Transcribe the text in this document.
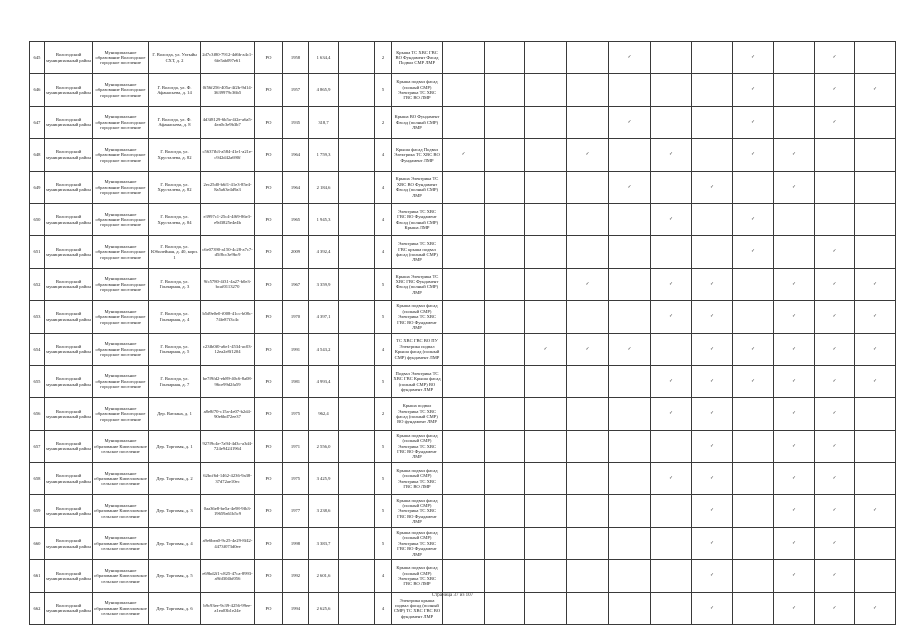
645	Вологодский муниципальный район	Муниципальное образование Вологодское городское поселение	Г. Вологда, ул. Ухтыйн СХТ, д. 2	2d7c3f80-7912-4d6b-a4c1-6fe5ab097e61	РО	1958	1 634,4		2	Крыша ТС ХВС ГВС ВО Фундамент Фасад Подвал СМР ЛМР					✓			✓		✓	
646	Вологодский муниципальный район	Муниципальное образование Вологодское городское поселение	Г. Вологда, ул. Ф. Афанасьева, д. 14	0f56f256-405a-4f2b-9d14-3639979c36b5	РО	1957	4 865,9		5	Крыша подвал фасад (полный СМР) Электрика ТС ХВС ГВС ВО ЛМР								✓		✓	✓
647	Вологодский муниципальный район	Муниципальное образование Вологодское городское поселение	Г. Вологда, ул. Ф. Афанасьева, д. 8	4d3f8129-6b5a-4f2e-a6a5-4ea0c3e9b3b7	РО	1935	318,7		2	Крыша ВО Фундамент Фасад (полный СМР) ЛМР					✓			✓		✓	
648	Вологодский муниципальный район	Муниципальное образование Вологодское городское поселение	Г. Вологда, ул. Хрусталева, д. 82	c5637fb3-a584-41e1-a21e-c942d42a690f	РО	1964	1 759,3		4	Крыша фасад Подвал Электрика ТС ХВС ВО Фундамент ЛМР	✓			✓		✓		✓	✓		
649	Вологодский муниципальный район	Муниципальное образование Вологодское городское поселение	Г. Вологда, ул. Хрусталева, д. 82	2ec25d0-b6f1-41e3-85e4-8a5a63e4d9a3	РО	1964	2 184,6		4	Крыша Электрика ТС ХВС ВО Фундамент Фасад (полный СМР) ЛМР					✓		✓		✓		
650	Вологодский муниципальный район	Муниципальное образование Вологодское городское поселение	Г. Вологда, ул. Хрусталева, д. 84	e3997c1-25c4-4f69-86e3-e9d3825e4e4b	РО	1965	1 945,3		4	Электрика ТС ХВС ГВС ВО Фундамент Фасад (полный СМР) Крыша ЛМР						✓		✓			
651	Вологодский муниципальный район	Муниципальное образование Вологодское городское поселение	Г. Вологда, ул. Юбилейная, д. 40, корп. 1	c6e07390-a150-4c28-a7c7-d5f8cc3e9bc9	РО	2009	4 392,4		4	Электрика ТС ХВС ГВС крыша подвал фасад (полный СМР) ЛМР								✓		✓	
652	Вологодский муниципальный район	Муниципальное образование Вологодское городское поселение	Г. Вологда, ул. Гончарная, д. 3	9fc5780-4f31-4a27-b0e3-bcaf0113270	РО	1967	3 359,9		5	Крыша Электрика ТС ХВС ГВС Фундамент Фасад (полный СМР) ЛМР				✓		✓	✓		✓	✓	✓
653	Вологодский муниципальный район	Муниципальное образование Вологодское городское поселение	Г. Вологда, ул. Гончарная, д. 4	b5d9e0e0-f008-41cc-b08c-74fe87f3c4c	РО	1970	4 397,1		5	Крыша подвал фасад (полный СМР) Электрика ТС ХВС ГВС ВО Фундамент ЛМР						✓	✓		✓	✓	✓
654	Вологодский муниципальный район	Муниципальное образование Вологодское городское поселение	Г. Вологда, ул. Гончарная, д. 5	c23fb0f0-a6e1-4534-ac03-12ea2e8f1204	РО	1991	4 543,2		4	ТС ХВС ГВС ВО ПУ Электрика подвал Крыша фасад (полный СМР) фундамент ЛМР			✓	✓	✓		✓	✓	✓	✓	✓
655	Вологодский муниципальный район	Муниципальное образование Вологодское городское поселение	Г. Вологда, ул. Гончарная, д. 7	be7f9fd2-eb89-40c6-8a08-96ce99d2fa59	РО	1981	4 993,4		5	Подвал Электрика ТС ХВС ГВС Крыша фасад (полный СМР) ВО фундамент ЛМР						✓	✓	✓	✓	✓	✓
656	Вологодский муниципальный район	Муниципальное образование Вологодское городское поселение	Дер. Ватлана, д. 1	a8e8f70-c15a-4e07-b2d4-90e6bd72ee37	РО	1975	962,4		2	Крыша подвал Электрика ТС ХВС фасад (полный СМР) ВО фундамент ЛМР						✓	✓		✓	✓	
657	Вологодский муниципальный район	Муниципальное образование Кипелловское сельское поселение	Дер. Торговая, д. 1	927f9c4e-7a94-4d3c-a3d4-724e94241964	РО	1971	2 556,0		5	Крыша подвал фасад (полный СМР) Электрика ТС ХВС ГВС ВО Фундамент ЛМР							✓		✓	✓	
658	Вологодский муниципальный район	Муниципальное образование Кипелловское сельское поселение	Дер. Торговая, д. 2	62bcf6d-1462-4236-9a38-37d72ae10ec	РО	1975	3 425,9		5	Крыша подвал фасад (полный СМР) Электрика ТС ХВС ГВС ВО ЛМР						✓	✓		✓	✓	
659	Вологодский муниципальный район	Муниципальное образование Кипелловское сельское поселение	Дер. Торговая, д. 3	0aa36e8-be5a-4e98-9fb3-19659a61b5c9	РО	1977	3 238,6		5	Крыша подвал фасад (полный СМР) Электрика ТС ХВС ГВС ВО Фундамент ЛМР							✓		✓	✓	✓
660	Вологодский муниципальный район	Муниципальное образование Кипелловское сельское поселение	Дер. Торговая, д. 4	a9e6bea0-9c25-4e29-8f42-4473f073d0ee	РО	1998	3 383,7		5	Крыша подвал фасад (полный СМР) Электрика ТС ХВС ГВС ВО Фундамент ЛМР							✓		✓	✓	
661	Вологодский муниципальный район	Муниципальное образование Кипелловское сельское поселение	Дер. Торговая, д. 5	e69bd2f1-c825-47ca-8993-a9fd304bf056	РО	1992	2 601,6		4	Крыша подвал фасад (полный СМР) Электрика ТС ХВС ГВС ВО ЛМР							✓		✓	✓	
662	Вологодский муниципальный район	Муниципальное образование Кипелловское сельское поселение	Дер. Торговая, д. 6	b9c93ee-9c39-4256-99ee-a1ea03b1e24e	РО	1994	2 625,6		4	Электрика крыша подвал фасад (полный СМР) ТС ХВС ГВС ВО фундамент ЛМР							✓		✓	✓	✓
Страница 37 из 107
